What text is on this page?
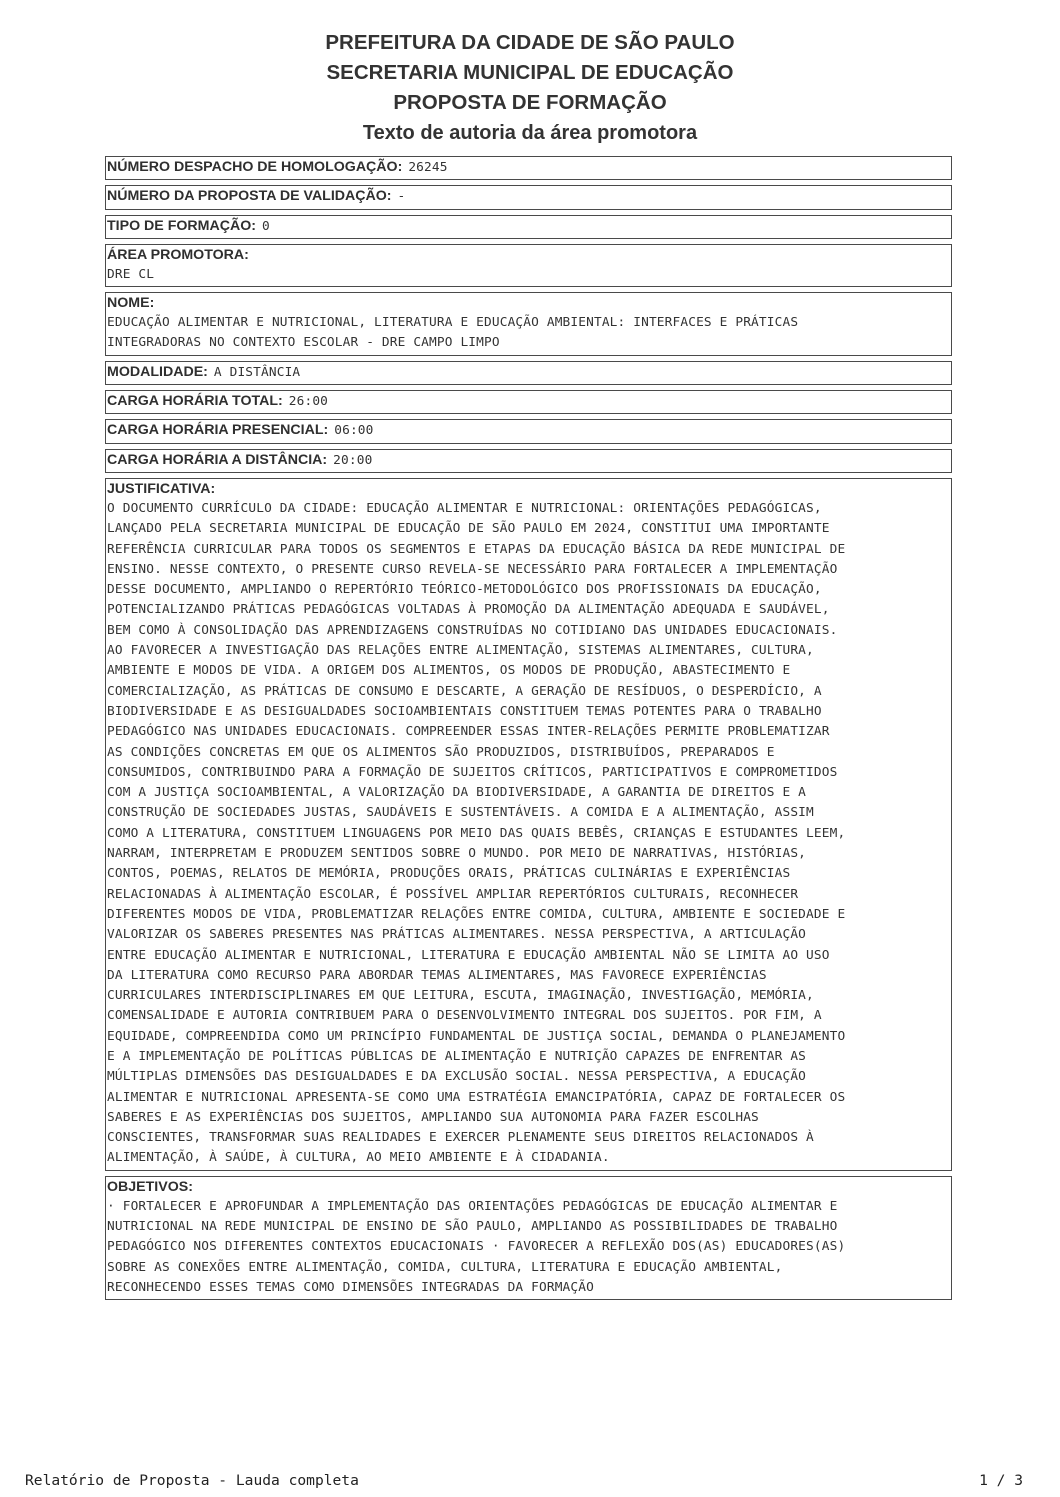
PREFEITURA DA CIDADE DE SÃO PAULO
SECRETARIA MUNICIPAL DE EDUCAÇÃO
PROPOSTA DE FORMAÇÃO
Texto de autoria da área promotora
NÚMERO DESPACHO DE HOMOLOGAÇÃO: 26245
NÚMERO DA PROPOSTA DE VALIDAÇÃO: -
TIPO DE FORMAÇÃO: 0
ÁREA PROMOTORA:
DRE CL
NOME:
EDUCAÇÃO ALIMENTAR E NUTRICIONAL, LITERATURA E EDUCAÇÃO AMBIENTAL: INTERFACES E PRÁTICAS
INTEGRADORAS NO CONTEXTO ESCOLAR - DRE CAMPO LIMPO
MODALIDADE: A DISTÂNCIA
CARGA HORÁRIA TOTAL: 26:00
CARGA HORÁRIA PRESENCIAL: 06:00
CARGA HORÁRIA A DISTÂNCIA: 20:00
JUSTIFICATIVA:
O DOCUMENTO CURRÍCULO DA CIDADE: EDUCAÇÃO ALIMENTAR E NUTRICIONAL: ORIENTAÇÕES PEDAGÓGICAS,
LANÇADO PELA SECRETARIA MUNICIPAL DE EDUCAÇÃO DE SÃO PAULO EM 2024, CONSTITUI UMA IMPORTANTE
REFERÊNCIA CURRICULAR PARA TODOS OS SEGMENTOS E ETAPAS DA EDUCAÇÃO BÁSICA DA REDE MUNICIPAL DE
ENSINO. NESSE CONTEXTO, O PRESENTE CURSO REVELA-SE NECESSÁRIO PARA FORTALECER A IMPLEMENTAÇÃO
DESSE DOCUMENTO, AMPLIANDO O REPERTÓRIO TEÓRICO-METODOLÓGICO DOS PROFISSIONAIS DA EDUCAÇÃO,
POTENCIALIZANDO PRÁTICAS PEDAGÓGICAS VOLTADAS À PROMOÇÃO DA ALIMENTAÇÃO ADEQUADA E SAUDÁVEL,
BEM COMO À CONSOLIDAÇÃO DAS APRENDIZAGENS CONSTRUÍDAS NO COTIDIANO DAS UNIDADES EDUCACIONAIS.
AO FAVORECER A INVESTIGAÇÃO DAS RELAÇÕES ENTRE ALIMENTAÇÃO, SISTEMAS ALIMENTARES, CULTURA,
AMBIENTE E MODOS DE VIDA. A ORIGEM DOS ALIMENTOS, OS MODOS DE PRODUÇÃO, ABASTECIMENTO E
COMERCIALIZAÇÃO, AS PRÁTICAS DE CONSUMO E DESCARTE, A GERAÇÃO DE RESÍDUOS, O DESPERDÍCIO, A
BIODIVERSIDADE E AS DESIGUALDADES SOCIOAMBIENTAIS CONSTITUEM TEMAS POTENTES PARA O TRABALHO
PEDAGÓGICO NAS UNIDADES EDUCACIONAIS. COMPREENDER ESSAS INTER-RELAÇÕES PERMITE PROBLEMATIZAR
AS CONDIÇÕES CONCRETAS EM QUE OS ALIMENTOS SÃO PRODUZIDOS, DISTRIBUÍDOS, PREPARADOS E
CONSUMIDOS, CONTRIBUINDO PARA A FORMAÇÃO DE SUJEITOS CRÍTICOS, PARTICIPATIVOS E COMPROMETIDOS
COM A JUSTIÇA SOCIOAMBIENTAL, A VALORIZAÇÃO DA BIODIVERSIDADE, A GARANTIA DE DIREITOS E A
CONSTRUÇÃO DE SOCIEDADES JUSTAS, SAUDÁVEIS E SUSTENTÁVEIS. A COMIDA E A ALIMENTAÇÃO, ASSIM
COMO A LITERATURA, CONSTITUEM LINGUAGENS POR MEIO DAS QUAIS BEBÊS, CRIANÇAS E ESTUDANTES LEEM,
NARRAM, INTERPRETAM E PRODUZEM SENTIDOS SOBRE O MUNDO. POR MEIO DE NARRATIVAS, HISTÓRIAS,
CONTOS, POEMAS, RELATOS DE MEMÓRIA, PRODUÇÕES ORAIS, PRÁTICAS CULINÁRIAS E EXPERIÊNCIAS
RELACIONADAS À ALIMENTAÇÃO ESCOLAR, É POSSÍVEL AMPLIAR REPERTÓRIOS CULTURAIS, RECONHECER
DIFERENTES MODOS DE VIDA, PROBLEMATIZAR RELAÇÕES ENTRE COMIDA, CULTURA, AMBIENTE E SOCIEDADE E
VALORIZAR OS SABERES PRESENTES NAS PRÁTICAS ALIMENTARES. NESSA PERSPECTIVA, A ARTICULAÇÃO
ENTRE EDUCAÇÃO ALIMENTAR E NUTRICIONAL, LITERATURA E EDUCAÇÃO AMBIENTAL NÃO SE LIMITA AO USO
DA LITERATURA COMO RECURSO PARA ABORDAR TEMAS ALIMENTARES, MAS FAVORECE EXPERIÊNCIAS
CURRICULARES INTERDISCIPLINARES EM QUE LEITURA, ESCUTA, IMAGINAÇÃO, INVESTIGAÇÃO, MEMÓRIA,
COMENSALIDADE E AUTORIA CONTRIBUEM PARA O DESENVOLVIMENTO INTEGRAL DOS SUJEITOS. POR FIM, A
EQUIDADE, COMPREENDIDA COMO UM PRINCÍPIO FUNDAMENTAL DE JUSTIÇA SOCIAL, DEMANDA O PLANEJAMENTO
E A IMPLEMENTAÇÃO DE POLÍTICAS PÚBLICAS DE ALIMENTAÇÃO E NUTRIÇÃO CAPAZES DE ENFRENTAR AS
MÚLTIPLAS DIMENSÕES DAS DESIGUALDADES E DA EXCLUSÃO SOCIAL. NESSA PERSPECTIVA, A EDUCAÇÃO
ALIMENTAR E NUTRICIONAL APRESENTA-SE COMO UMA ESTRATÉGIA EMANCIPATÓRIA, CAPAZ DE FORTALECER OS
SABERES E AS EXPERIÊNCIAS DOS SUJEITOS, AMPLIANDO SUA AUTONOMIA PARA FAZER ESCOLHAS
CONSCIENTES, TRANSFORMAR SUAS REALIDADES E EXERCER PLENAMENTE SEUS DIREITOS RELACIONADOS À
ALIMENTAÇÃO, À SAÚDE, À CULTURA, AO MEIO AMBIENTE E À CIDADANIA.
OBJETIVOS:
· FORTALECER E APROFUNDAR A IMPLEMENTAÇÃO DAS ORIENTAÇÕES PEDAGÓGICAS DE EDUCAÇÃO ALIMENTAR E
NUTRICIONAL NA REDE MUNICIPAL DE ENSINO DE SÃO PAULO, AMPLIANDO AS POSSIBILIDADES DE TRABALHO
PEDAGÓGICO NOS DIFERENTES CONTEXTOS EDUCACIONAIS · FAVORECER A REFLEXÃO DOS(AS) EDUCADORES(AS)
SOBRE AS CONEXÕES ENTRE ALIMENTAÇÃO, COMIDA, CULTURA, LITERATURA E EDUCAÇÃO AMBIENTAL,
RECONHECENDO ESSES TEMAS COMO DIMENSÕES INTEGRADAS DA FORMAÇÃO
Relatório de Proposta - Lauda completa	1 / 3
